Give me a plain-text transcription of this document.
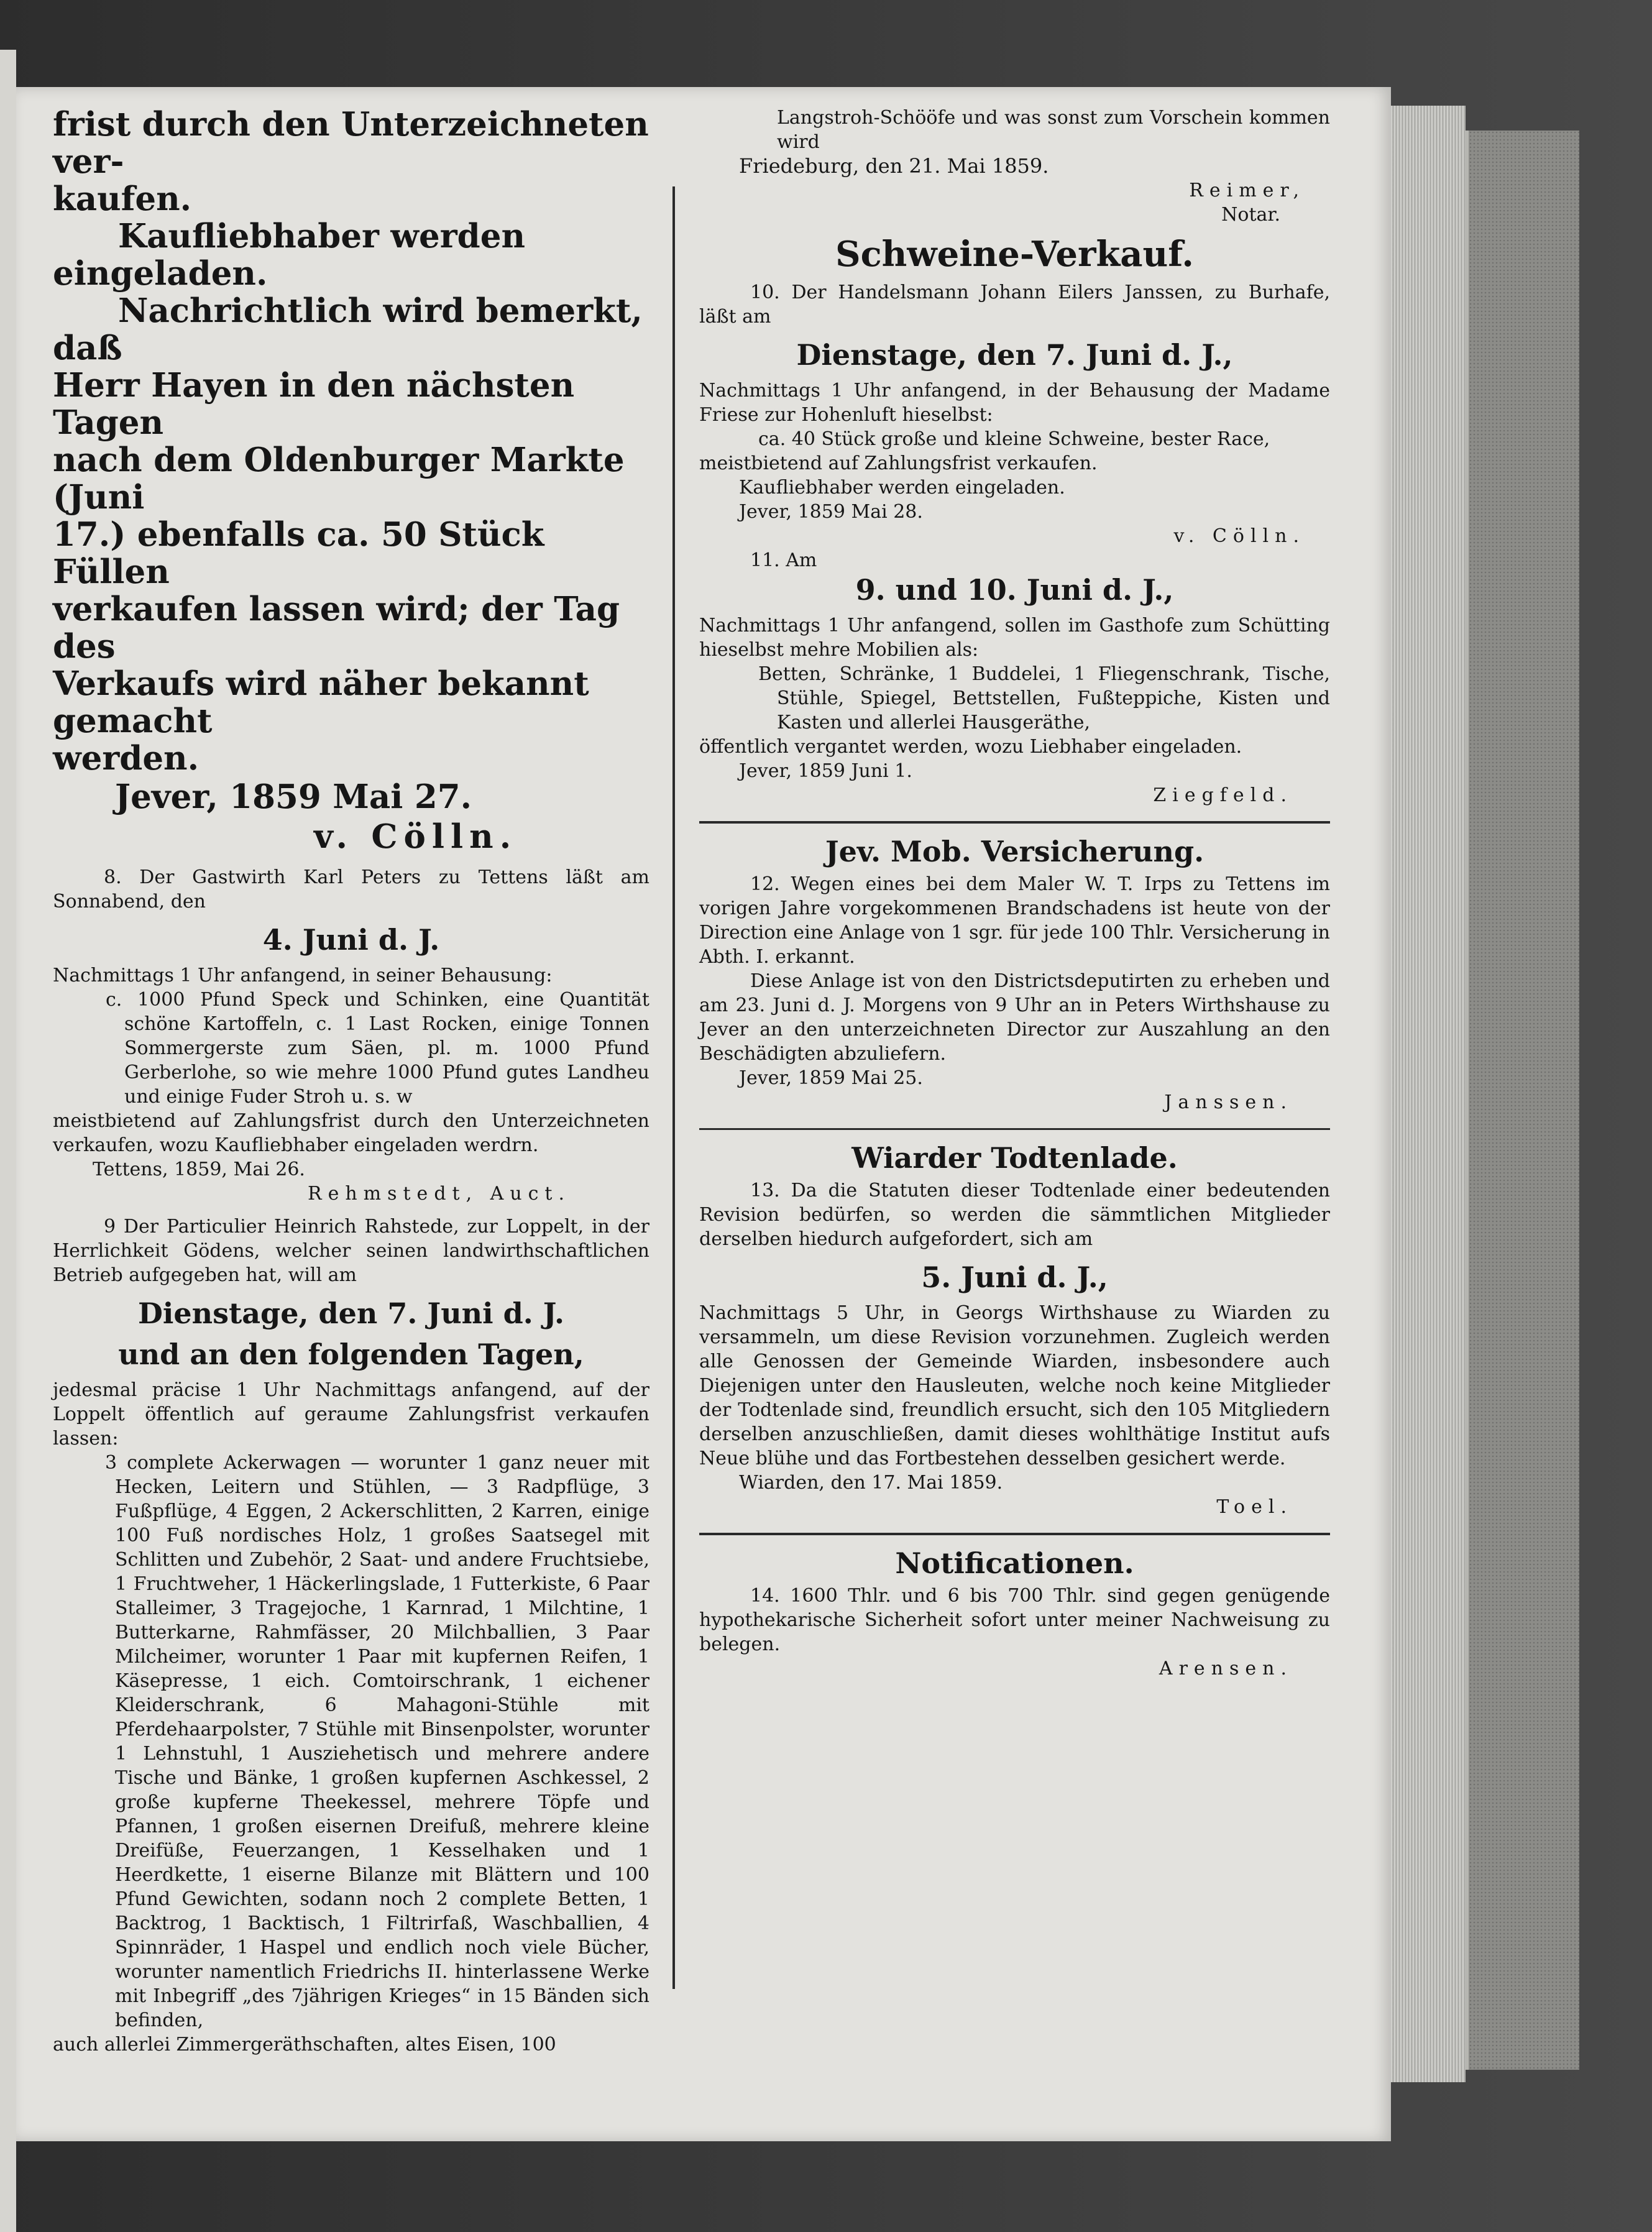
frist durch den Unterzeichneten ver-

kaufen.

Kaufliebhaber werden eingeladen.

Nachrichtlich wird bemerkt, daß

Herr Hayen in den nächsten Tagen

nach dem Oldenburger Markte (Juni

17.) ebenfalls ca. 50 Stück Füllen

verkaufen lassen wird; der Tag des

Verkaufs wird näher bekannt gemacht

werden.

Jever, 1859 Mai 27.

v. Cölln.

8. Der Gastwirth Karl Peters zu Tettens läßt am Sonnabend, den

4. Juni d. J.

Nachmittags 1 Uhr anfangend, in seiner Behausung:

c. 1000 Pfund Speck und Schinken, eine Quantität schöne Kartoffeln, c. 1 Last Rocken, einige Tonnen Sommergerste zum Säen, pl. m. 1000 Pfund Gerberlohe, so wie mehre 1000 Pfund gutes Landheu und einige Fuder Stroh u. s. w

meistbietend auf Zahlungsfrist durch den Unterzeichneten verkaufen, wozu Kaufliebhaber eingeladen werdrn.

Tettens, 1859, Mai 26.

Rehmstedt, Auct.

9 Der Particulier Heinrich Rahstede, zur Loppelt, in der Herrlichkeit Gödens, welcher seinen landwirthschaftlichen Betrieb aufgegeben hat, will am

Dienstage, den 7. Juni d. J.

und an den folgenden Tagen,

jedesmal präcise 1 Uhr Nachmittags anfangend, auf der Loppelt öffentlich auf geraume Zahlungsfrist verkaufen lassen:

3 complete Ackerwagen — worunter 1 ganz neuer mit Hecken, Leitern und Stühlen, — 3 Radpflüge, 3 Fußpflüge, 4 Eggen, 2 Ackerschlitten, 2 Karren, einige 100 Fuß nordisches Holz, 1 großes Saatsegel mit Schlitten und Zubehör, 2 Saat- und andere Fruchtsiebe, 1 Fruchtweher, 1 Häckerlingslade, 1 Futterkiste, 6 Paar Stalleimer, 3 Tragejoche, 1 Karnrad, 1 Milchtine, 1 Butterkarne, Rahmfässer, 20 Milchballien, 3 Paar Milcheimer, worunter 1 Paar mit kupfernen Reifen, 1 Käsepresse, 1 eich. Comtoirschrank, 1 eichener Kleiderschrank, 6 Mahagoni-Stühle mit Pferdehaarpolster, 7 Stühle mit Binsenpolster, worunter 1 Lehnstuhl, 1 Ausziehetisch und mehrere andere Tische und Bänke, 1 großen kupfernen Aschkessel, 2 große kupferne Theekessel, mehrere Töpfe und Pfannen, 1 großen eisernen Dreifuß, mehrere kleine Dreifüße, Feuerzangen, 1 Kesselhaken und 1 Heerdkette, 1 eiserne Bilanze mit Blättern und 100 Pfund Gewichten, sodann noch 2 complete Betten, 1 Backtrog, 1 Backtisch, 1 Filtrirfaß, Waschballien, 4 Spinnräder, 1 Haspel und endlich noch viele Bücher, worunter namentlich Friedrichs II. hinterlassene Werke mit Inbegriff „des 7jährigen Krieges“ in 15 Bänden sich befinden,

auch allerlei Zimmergeräthschaften, altes Eisen, 100

Langstroh-Schööfe und was sonst zum Vorschein kommen wird

Friedeburg, den 21. Mai 1859.

Reimer,

Notar.

Schweine-Verkauf.

10. Der Handelsmann Johann Eilers Janssen, zu Burhafe, läßt am

Dienstage, den 7. Juni d. J.,

Nachmittags 1 Uhr anfangend, in der Behausung der Madame Friese zur Hohenluft hieselbst:

ca. 40 Stück große und kleine Schweine, bester Race,

meistbietend auf Zahlungsfrist verkaufen.

Kaufliebhaber werden eingeladen.

Jever, 1859 Mai 28.

v. Cölln.

11. Am

9. und 10. Juni d. J.,

Nachmittags 1 Uhr anfangend, sollen im Gasthofe zum Schütting hieselbst mehre Mobilien als:

Betten, Schränke, 1 Buddelei, 1 Fliegenschrank, Tische, Stühle, Spiegel, Bettstellen, Fußteppiche, Kisten und Kasten und allerlei Hausgeräthe,

öffentlich vergantet werden, wozu Liebhaber eingeladen.

Jever, 1859 Juni 1.

Ziegfeld.

Jev. Mob. Versicherung.

12. Wegen eines bei dem Maler W. T. Irps zu Tettens im vorigen Jahre vorgekommenen Brandschadens ist heute von der Direction eine Anlage von 1 sgr. für jede 100 Thlr. Versicherung in Abth. I. erkannt.

Diese Anlage ist von den Districtsdeputirten zu erheben und am 23. Juni d. J. Morgens von 9 Uhr an in Peters Wirthshause zu Jever an den unterzeichneten Director zur Auszahlung an den Beschädigten abzuliefern.

Jever, 1859 Mai 25.

Janssen.

Wiarder Todtenlade.

13. Da die Statuten dieser Todtenlade einer bedeutenden Revision bedürfen, so werden die sämmtlichen Mitglieder derselben hiedurch aufgefordert, sich am

5. Juni d. J.,

Nachmittags 5 Uhr, in Georgs Wirthshause zu Wiarden zu versammeln, um diese Revision vorzunehmen. Zugleich werden alle Genossen der Gemeinde Wiarden, insbesondere auch Diejenigen unter den Hausleuten, welche noch keine Mitglieder der Todtenlade sind, freundlich ersucht, sich den 105 Mitgliedern derselben anzuschließen, damit dieses wohlthätige Institut aufs Neue blühe und das Fortbestehen desselben gesichert werde.

Wiarden, den 17. Mai 1859.

Toel.

Notificationen.

14. 1600 Thlr. und 6 bis 700 Thlr. sind gegen genügende hypothekarische Sicherheit sofort unter meiner Nachweisung zu belegen.

Arensen.
